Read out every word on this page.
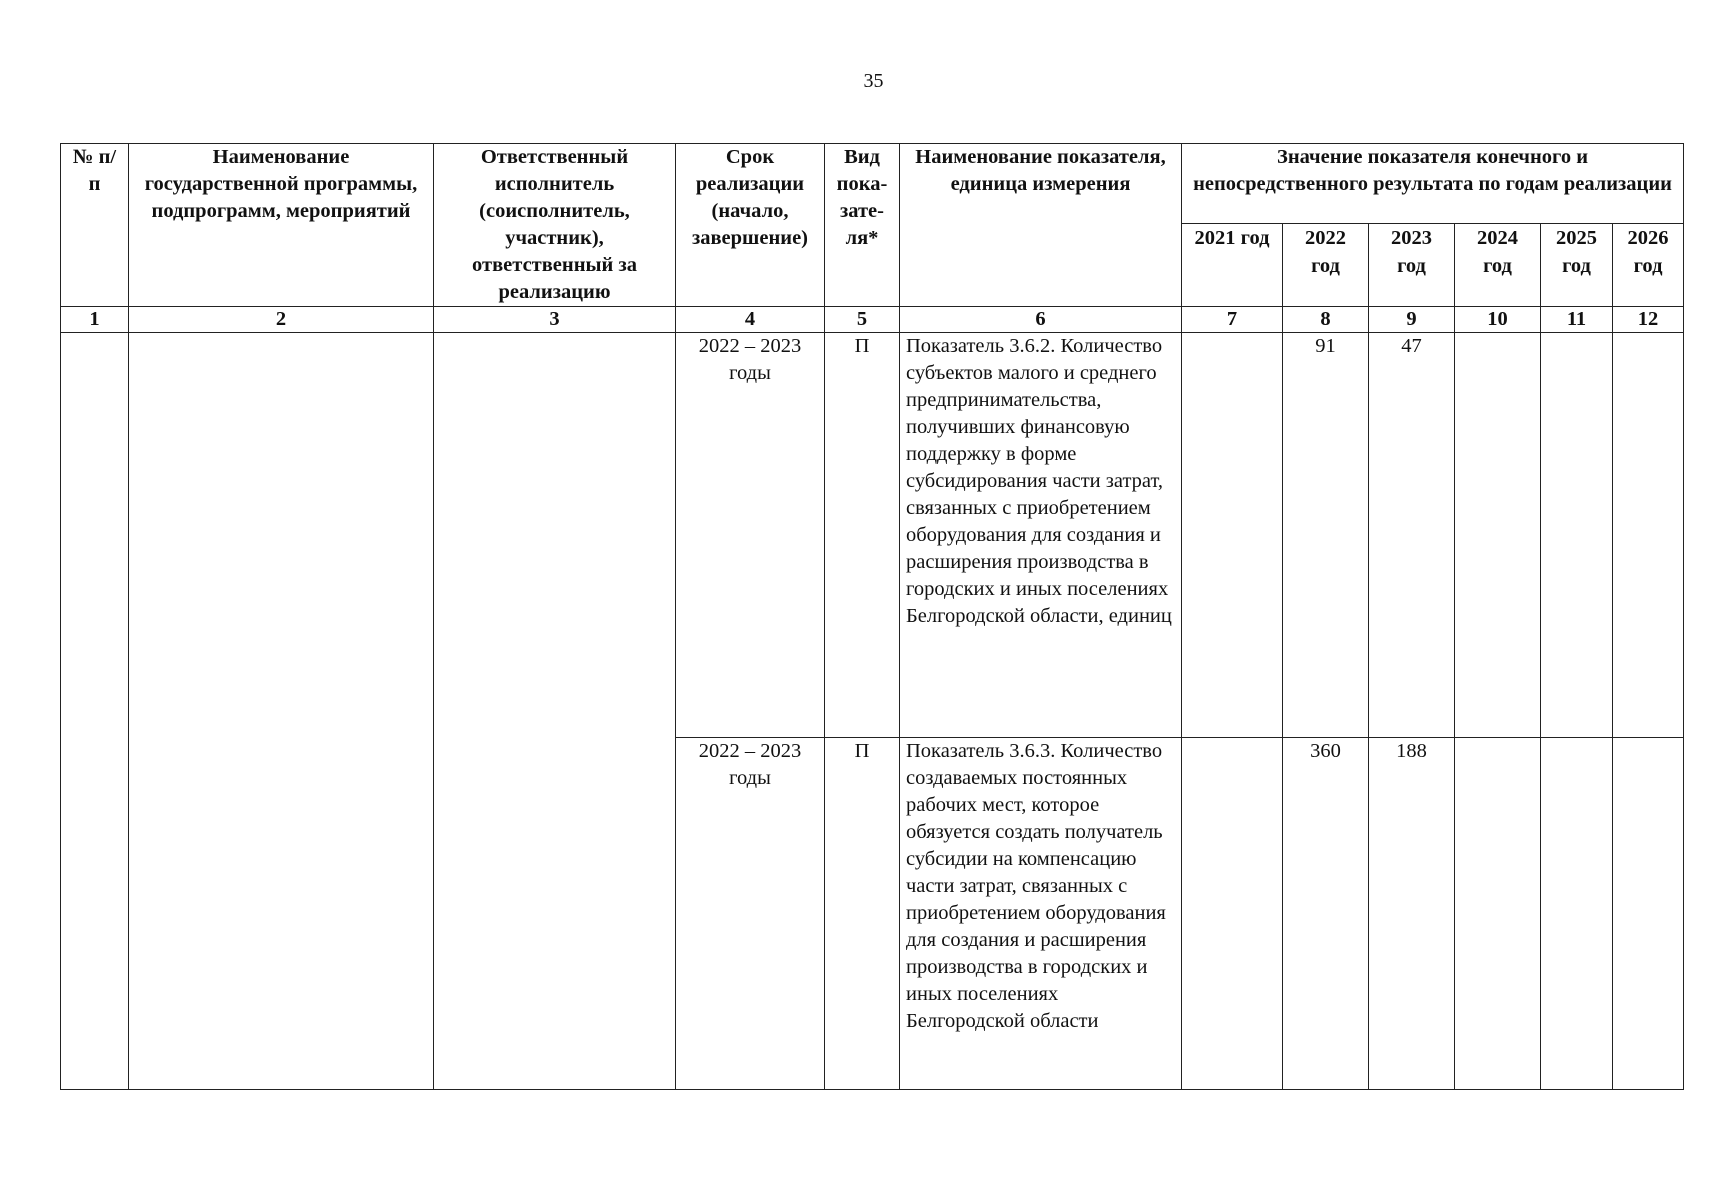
35
№ п/п	Наименование государственной программы, подпрограмм, мероприятий	Ответственный исполнитель (соисполнитель, участник), ответственный за реализацию	Срок реализации (начало, завершение)	Вид пока-зате-ля*	Наименование показателя, единица измерения	Значение показателя конечного и непосредственного результата по годам реализации					
						2021 год	2022 год	2023 год	2024 год	2025 год	2026 год
1	2	3	4	5	6	7	8	9	10	11	12
			2022 – 2023 годы	П	Показатель 3.6.2. Количество субъектов малого и среднего предпринимательства, получивших финансовую поддержку в форме субсидирования части затрат, связанных с приобретением оборудования для создания и расширения производства в городских и иных поселениях Белгородской области, единиц		91	47			
			2022 – 2023 годы	П	Показатель 3.6.3. Количество создаваемых постоянных рабочих мест, которое обязуется создать получатель субсидии на компенсацию части затрат, связанных с приобретением оборудования для создания и расширения производства в городских и иных поселениях Белгородской области		360	188			
